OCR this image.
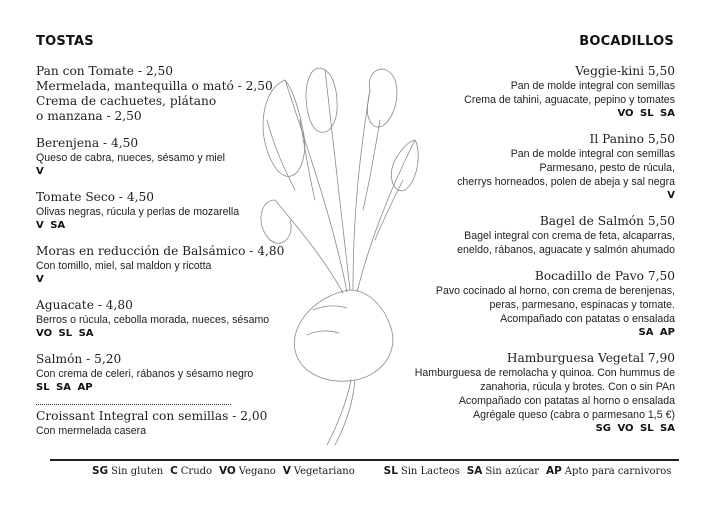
TOSTAS	BOCADILLOS
Pan con Tomate - 2,50
Mermelada, mantequilla o mató - 2,50
Crema de cachuetes, plátano
o manzana - 2,50
Berenjena - 4,50
Queso de cabra, nueces, sésamo y miel
V
Tomate Seco - 4,50
Olivas negras, rúcula y perlas de mozarella
V SA
Moras en reducción de Balsámico - 4,80
Con tomillo, miel, sal maldon y ricotta
V
Aguacate - 4,80
Berros o rúcula, cebolla morada, nueces, sésamo
VO SL SA
Salmón - 5,20
Con crema de celeri, rábanos y sésamo negro
SL SA AP
Croissant Integral con semillas - 2,00
Con mermelada casera
Veggie-kini 5,50
Pan de molde integral con semillas
Crema de tahini, aguacate, pepino y tomates
VO SL SA
Il Panino 5,50
Pan de molde integral con semillas
Parmesano, pesto de rúcula,
cherrys horneados, polen de abeja y sal negra
V
Bagel de Salmón 5,50
Bagel integral con crema de feta, alcaparras,
eneldo, rábanos, aguacate y salmón ahumado
Bocadillo de Pavo 7,50
Pavo cocinado al horno, con crema de berenjenas,
peras, parmesano, espinacas y tomate.
Acompañado con patatas o ensalada
SA AP
Hamburguesa Vegetal 7,90
Hamburguesa de remolacha y quinoa. Con hummus de
zanahoria, rúcula y brotes. Con o sin PAn
Acompañado con patatas al horno o ensalada
Agrégale queso (cabra o parmesano 1,5 €)
SG VO SL SA
SG Sin gluten C Crudo VO Vegano V Vegetariano	SL Sin Lacteos SA Sin azúcar AP Apto para carnivoros
